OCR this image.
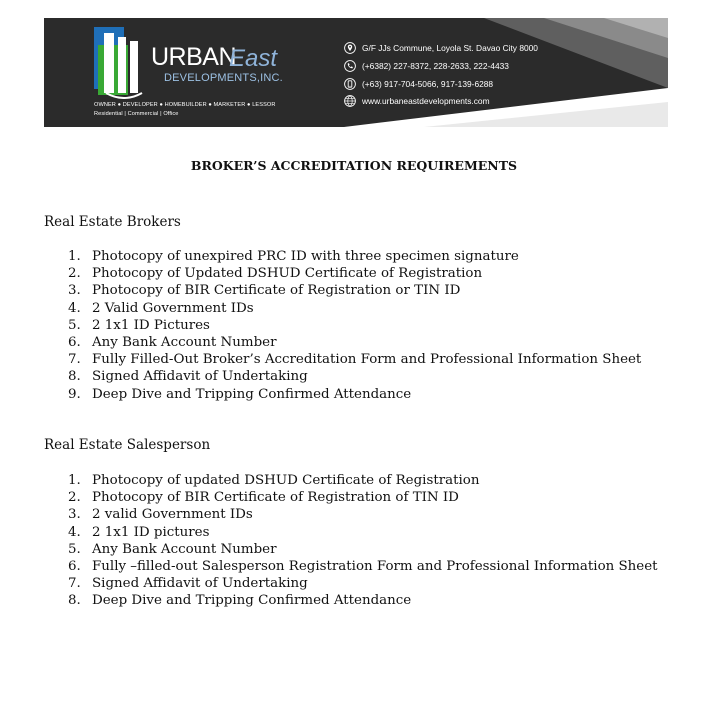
URBAN
East
DEVELOPMENTS,INC.
OWNER ● DEVELOPER ● HOMEBUILDER ● MARKETER ● LESSOR
Residential | Commercial | Office
G/F JJs Commune, Loyola St. Davao City 8000
(+6382) 227-8372, 228-2633, 222-4433
(+63) 917-704-5066, 917-139-6288
www.urbaneastdevelopments.com
BROKER’S ACCREDITATION REQUIREMENTS
Real Estate Brokers
1. Photocopy of unexpired PRC ID with three specimen signature
2. Photocopy of Updated DSHUD Certificate of Registration
3. Photocopy of BIR Certificate of Registration or TIN ID
4. 2 Valid Government IDs
5. 2 1x1 ID Pictures
6. Any Bank Account Number
7. Fully Filled-Out Broker’s Accreditation Form and Professional Information Sheet
8. Signed Affidavit of Undertaking
9. Deep Dive and Tripping Confirmed Attendance
Real Estate Salesperson
1. Photocopy of updated DSHUD Certificate of Registration
2. Photocopy of BIR Certificate of Registration of TIN ID
3. 2 valid Government IDs
4. 2 1x1 ID pictures
5. Any Bank Account Number
6. Fully –filled-out Salesperson Registration Form and Professional Information Sheet
7. Signed Affidavit of Undertaking
8. Deep Dive and Tripping Confirmed Attendance
